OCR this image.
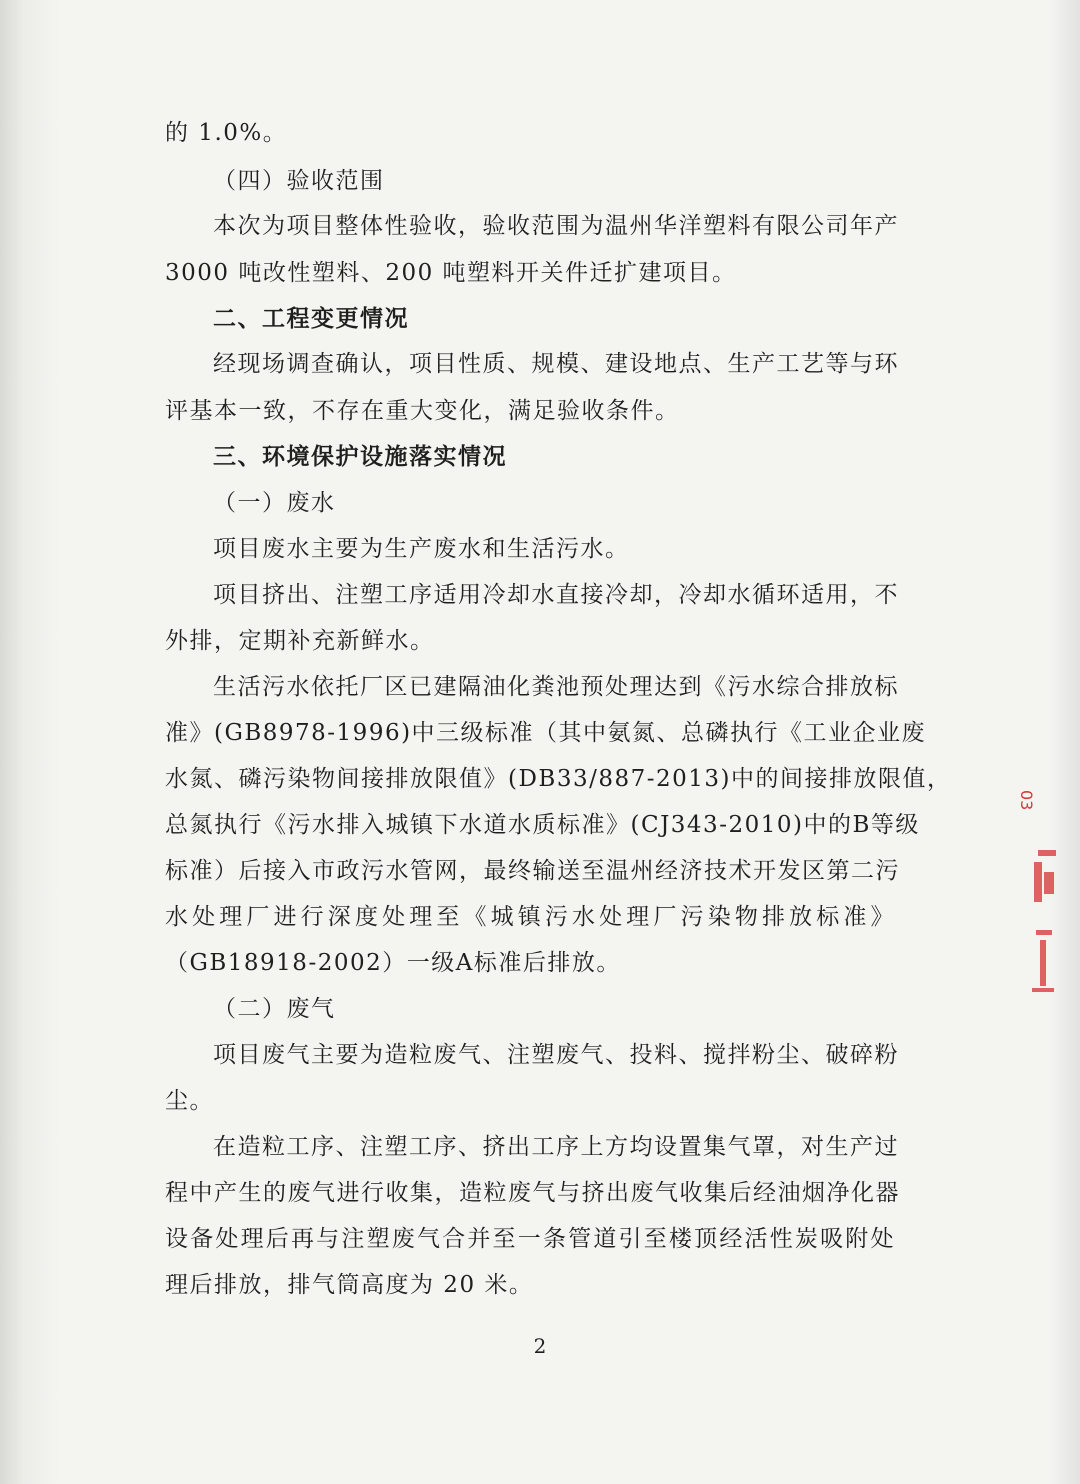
的 1.0%。
（四）验收范围
本次为项目整体性验收，验收范围为温州华洋塑料有限公司年产
3000 吨改性塑料、200 吨塑料开关件迁扩建项目。
二、工程变更情况
经现场调查确认，项目性质、规模、建设地点、生产工艺等与环
评基本一致，不存在重大变化，满足验收条件。
三、环境保护设施落实情况
（一）废水
项目废水主要为生产废水和生活污水。
项目挤出、注塑工序适用冷却水直接冷却，冷却水循环适用，不
外排，定期补充新鲜水。
生活污水依托厂区已建隔油化粪池预处理达到《污水综合排放标
准》(GB8978-1996)中三级标准（其中氨氮、总磷执行《工业企业废
水氮、磷污染物间接排放限值》(DB33/887-2013)中的间接排放限值，
总氮执行《污水排入城镇下水道水质标准》(CJ343-2010)中的B等级
标准）后接入市政污水管网，最终输送至温州经济技术开发区第二污
水处理厂进行深度处理至《城镇污水处理厂污染物排放标准》
（GB18918-2002）一级A标准后排放。
（二）废气
项目废气主要为造粒废气、注塑废气、投料、搅拌粉尘、破碎粉
尘。
在造粒工序、注塑工序、挤出工序上方均设置集气罩，对生产过
程中产生的废气进行收集，造粒废气与挤出废气收集后经油烟净化器
设备处理后再与注塑废气合并至一条管道引至楼顶经活性炭吸附处
理后排放，排气筒高度为 20 米。
2
03
